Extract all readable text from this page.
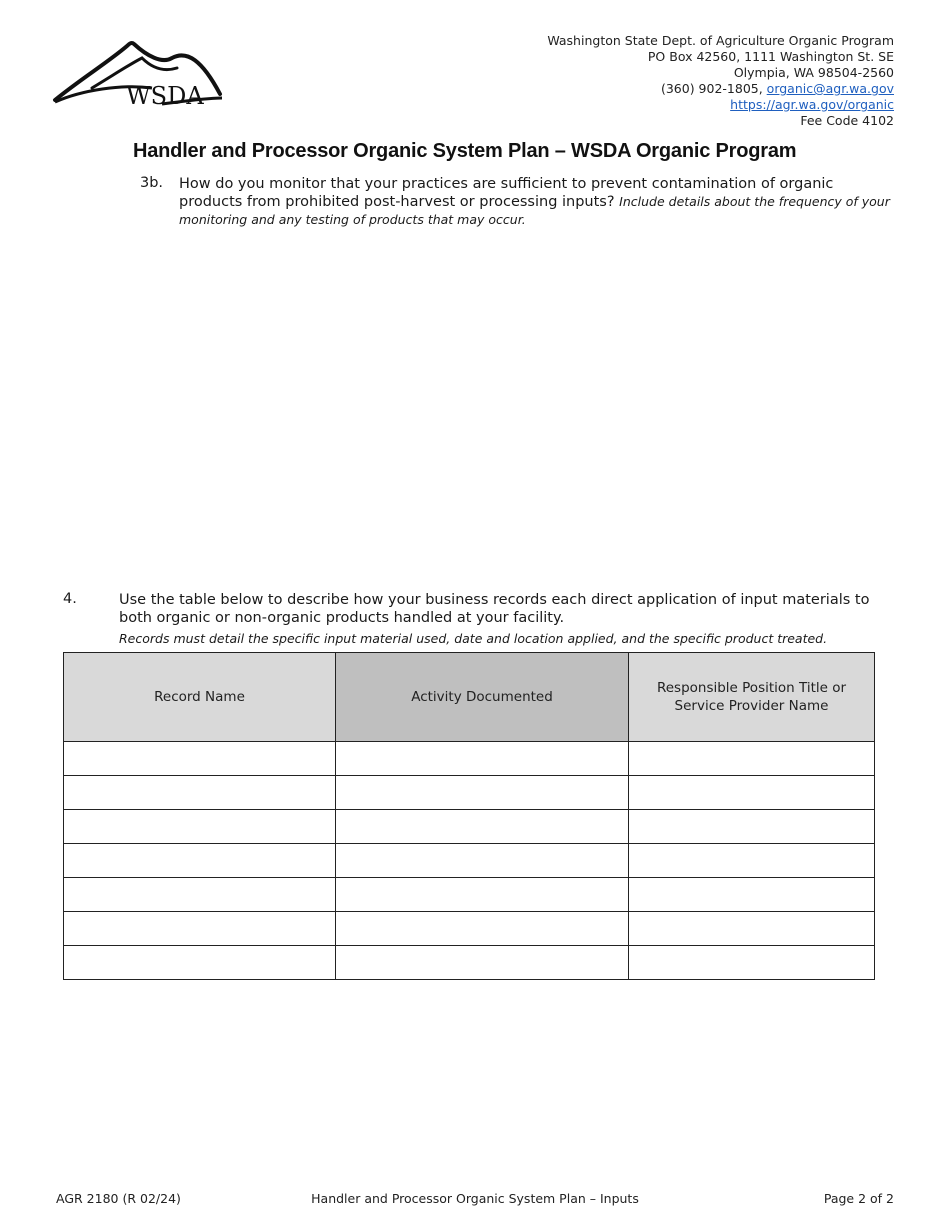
WSDA
Washington State Dept. of Agriculture Organic Program
PO Box 42560, 1111 Washington St. SE
Olympia, WA 98504-2560
(360) 902-1805, organic@agr.wa.gov
https://agr.wa.gov/organic
Fee Code 4102
Handler and Processor Organic System Plan – WSDA Organic Program
3b. How do you monitor that your practices are sufficient to prevent contamination of organic products from prohibited post-harvest or processing inputs? Include details about the frequency of your monitoring and any testing of products that may occur.
4.	Use the table below to describe how your business records each direct application of input materials to both organic or non-organic products handled at your facility.
Records must detail the specific input material used, date and location applied, and the specific product treated.
Record Name	Activity Documented	Responsible Position Title or Service Provider Name

AGR 2180 (R 02/24)	Handler and Processor Organic System Plan – Inputs	Page 2 of 2
